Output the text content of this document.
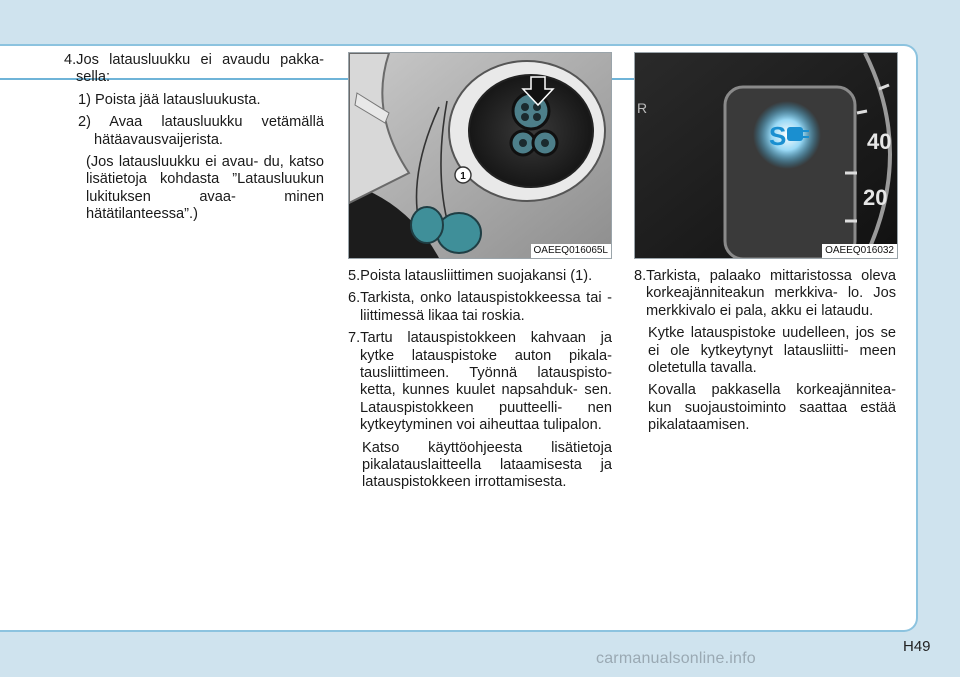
4.Jos latausluukku ei avaudu pakka- sella:

1) Poista jää latausluukusta.

2) Avaa latausluukku vetämällä hätäavausvaijerista.

(Jos latausluukku ei avau- du, katso lisätietoja kohdasta ”Latausluukun lukituksen avaa- minen hätätilanteessa”.)

1
OAEEQ016065L
R
40
20
S
OAEEQ016032

5.Poista latausliittimen suojakansi (1).

6.Tarkista, onko latauspistokkeessa tai -liittimessä likaa tai roskia.

7.Tartu latauspistokkeen kahvaan ja kytke latauspistoke auton pikala- tausliittimeen. Työnnä latauspisto- ketta, kunnes kuulet napsahduk- sen. Latauspistokkeen puutteelli- nen kytkeytyminen voi aiheuttaa tulipalon.

Katso käyttöohjeesta lisätietoja pikalatauslaitteella lataamisesta ja latauspistokkeen irrottamisesta.

8.Tarkista, palaako mittaristossa oleva korkeajänniteakun merkkiva- lo. Jos merkkivalo ei pala, akku ei lataudu.

Kytke latauspistoke uudelleen, jos se ei ole kytkeytynyt latausliitti- meen oletetulla tavalla.

Kovalla pakkasella korkeajännitea- kun suojaustoiminto saattaa estää pikalataamisen.

H49
carmanualsonline.info
